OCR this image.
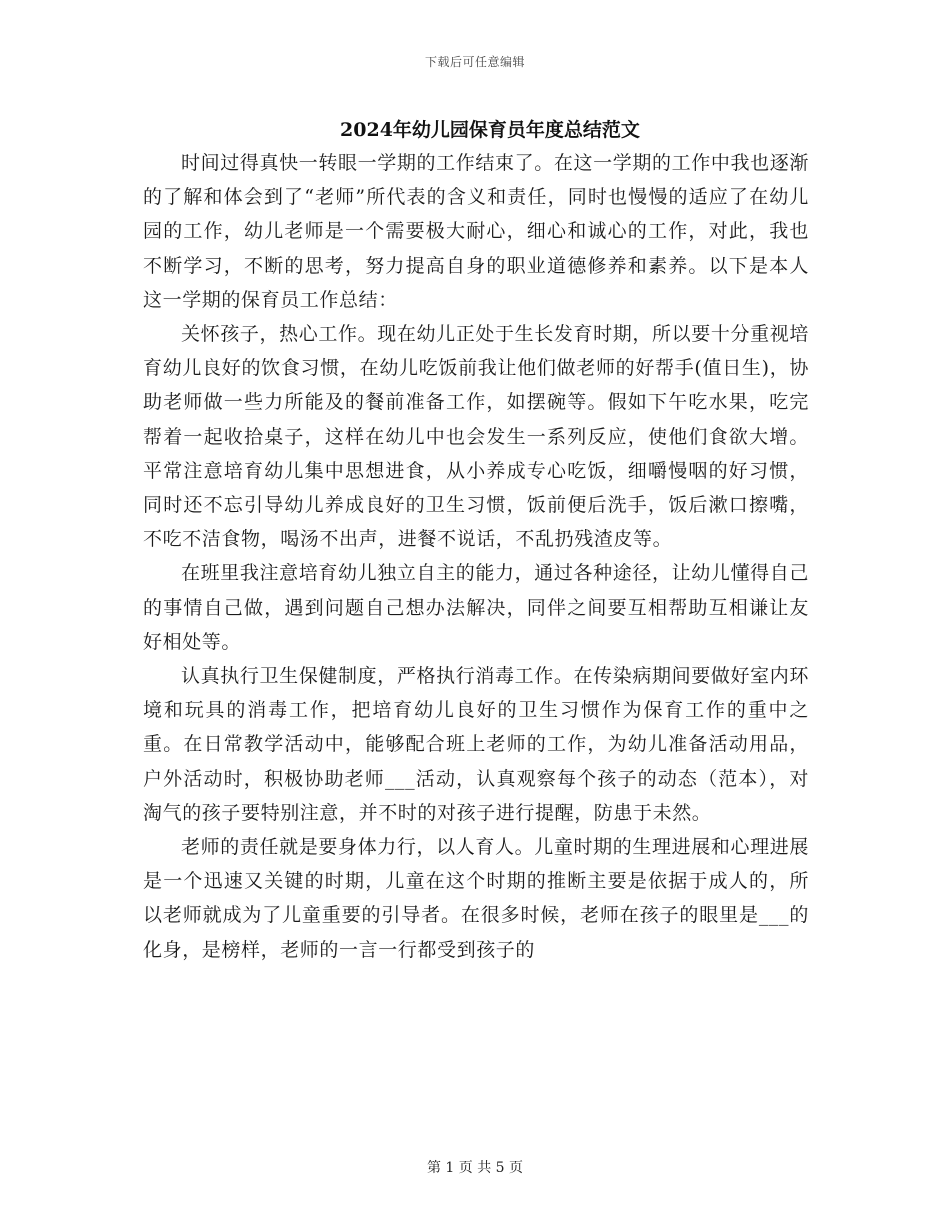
下载后可任意编辑
2024年幼儿园保育员年度总结范文

时间过得真快一转眼一学期的工作结束了。在这一学期的工作中我也逐渐的了解和体会到了“老师”所代表的含义和责任，同时也慢慢的适应了在幼儿园的工作，幼儿老师是一个需要极大耐心，细心和诚心的工作，对此，我也不断学习，不断的思考，努力提高自身的职业道德修养和素养。以下是本人这一学期的保育员工作总结：

关怀孩子，热心工作。现在幼儿正处于生长发育时期，所以要十分重视培育幼儿良好的饮食习惯，在幼儿吃饭前我让他们做老师的好帮手(值日生)，协助老师做一些力所能及的餐前准备工作，如摆碗等。假如下午吃水果，吃完帮着一起收拾桌子，这样在幼儿中也会发生一系列反应，使他们食欲大增。平常注意培育幼儿集中思想进食，从小养成专心吃饭，细嚼慢咽的好习惯，同时还不忘引导幼儿养成良好的卫生习惯，饭前便后洗手，饭后漱口擦嘴，不吃不洁食物，喝汤不出声，进餐不说话，不乱扔残渣皮等。

在班里我注意培育幼儿独立自主的能力，通过各种途径，让幼儿懂得自己的事情自己做，遇到问题自己想办法解决，同伴之间要互相帮助互相谦让友好相处等。

认真执行卫生保健制度，严格执行消毒工作。在传染病期间要做好室内环境和玩具的消毒工作，把培育幼儿良好的卫生习惯作为保育工作的重中之重。在日常教学活动中，能够配合班上老师的工作，为幼儿准备活动用品，户外活动时，积极协助老师___活动，认真观察每个孩子的动态（范本），对淘气的孩子要特别注意，并不时的对孩子进行提醒，防患于未然。

老师的责任就是要身体力行，以人育人。儿童时期的生理进展和心理进展是一个迅速又关键的时期，儿童在这个时期的推断主要是依据于成人的，所以老师就成为了儿童重要的引导者。在很多时候，老师在孩子的眼里是___的化身，是榜样，老师的一言一行都受到孩子的

第 1 页 共 5 页
